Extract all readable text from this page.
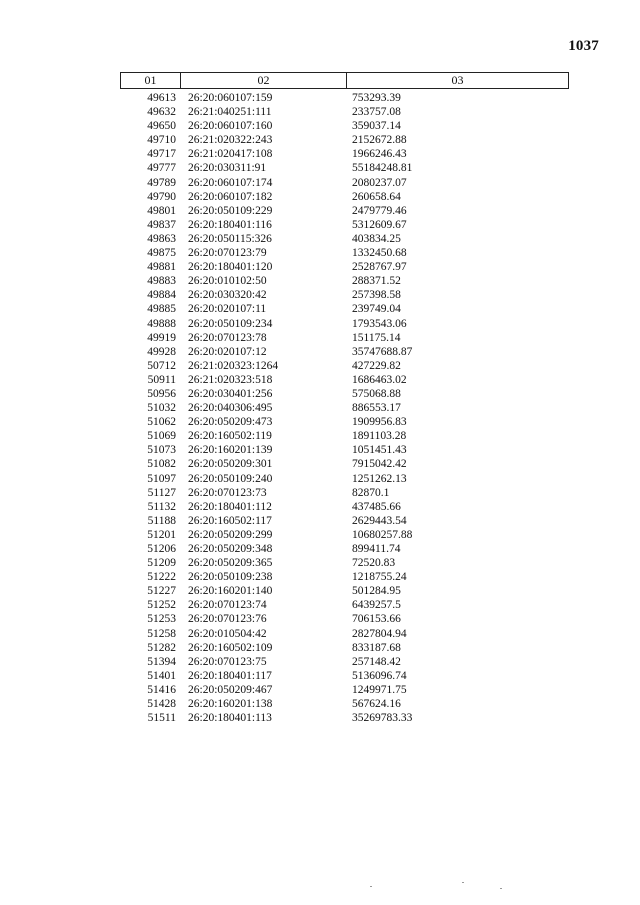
1037
01	02	03
49613	26:20:060107:159	753293.39
49632	26:21:040251:111	233757.08
49650	26:20:060107:160	359037.14
49710	26:21:020322:243	2152672.88
49717	26:21:020417:108	1966246.43
49777	26:20:030311:91	55184248.81
49789	26:20:060107:174	2080237.07
49790	26:20:060107:182	260658.64
49801	26:20:050109:229	2479779.46
49837	26:20:180401:116	5312609.67
49863	26:20:050115:326	403834.25
49875	26:20:070123:79	1332450.68
49881	26:20:180401:120	2528767.97
49883	26:20:010102:50	288371.52
49884	26:20:030320:42	257398.58
49885	26:20:020107:11	239749.04
49888	26:20:050109:234	1793543.06
49919	26:20:070123:78	151175.14
49928	26:20:020107:12	35747688.87
50712	26:21:020323:1264	427229.82
50911	26:21:020323:518	1686463.02
50956	26:20:030401:256	575068.88
51032	26:20:040306:495	886553.17
51062	26:20:050209:473	1909956.83
51069	26:20:160502:119	1891103.28
51073	26:20:160201:139	1051451.43
51082	26:20:050209:301	7915042.42
51097	26:20:050109:240	1251262.13
51127	26:20:070123:73	82870.1
51132	26:20:180401:112	437485.66
51188	26:20:160502:117	2629443.54
51201	26:20:050209:299	10680257.88
51206	26:20:050209:348	899411.74
51209	26:20:050209:365	72520.83
51222	26:20:050109:238	1218755.24
51227	26:20:160201:140	501284.95
51252	26:20:070123:74	6439257.5
51253	26:20:070123:76	706153.66
51258	26:20:010504:42	2827804.94
51282	26:20:160502:109	833187.68
51394	26:20:070123:75	257148.42
51401	26:20:180401:117	5136096.74
51416	26:20:050209:467	1249971.75
51428	26:20:160201:138	567624.16
51511	26:20:180401:113	35269783.33
